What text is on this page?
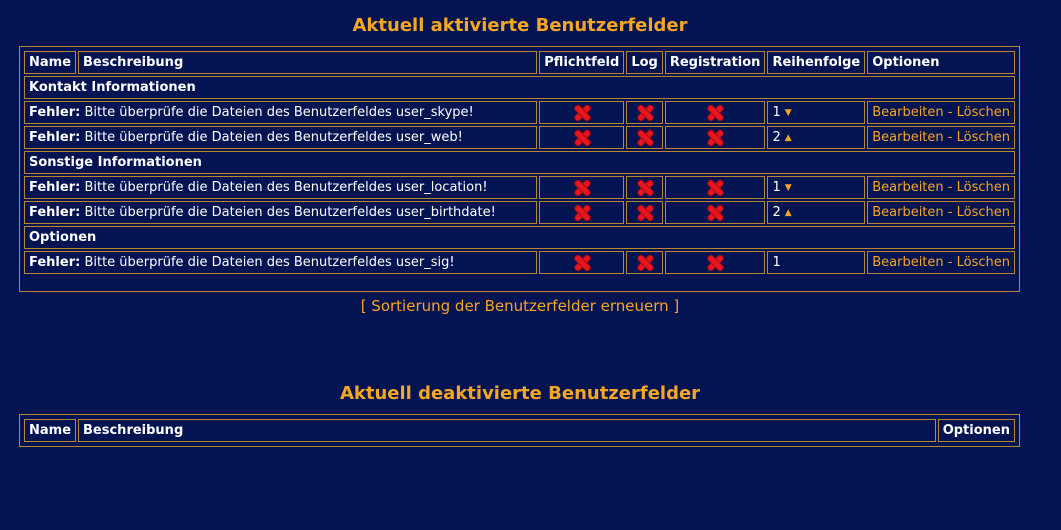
Aktuell aktivierte Benutzerfelder
Name	Beschreibung	Pflichtfeld	Log	Registration	Reihenfolge	Optionen
Kontakt Informationen						
Fehler: Bitte überprüfe die Dateien des Benutzerfeldes user_skype!					1 ▼	Bearbeiten - Löschen
Fehler: Bitte überprüfe die Dateien des Benutzerfeldes user_web!					2 ▲	Bearbeiten - Löschen
Sonstige Informationen						
Fehler: Bitte überprüfe die Dateien des Benutzerfeldes user_location!					1 ▼	Bearbeiten - Löschen
Fehler: Bitte überprüfe die Dateien des Benutzerfeldes user_birthdate!					2 ▲	Bearbeiten - Löschen
Optionen						
Fehler: Bitte überprüfe die Dateien des Benutzerfeldes user_sig!					1	Bearbeiten - Löschen
[ Sortierung der Benutzerfelder erneuern ]
Aktuell deaktivierte Benutzerfelder
Name	Beschreibung	Optionen
